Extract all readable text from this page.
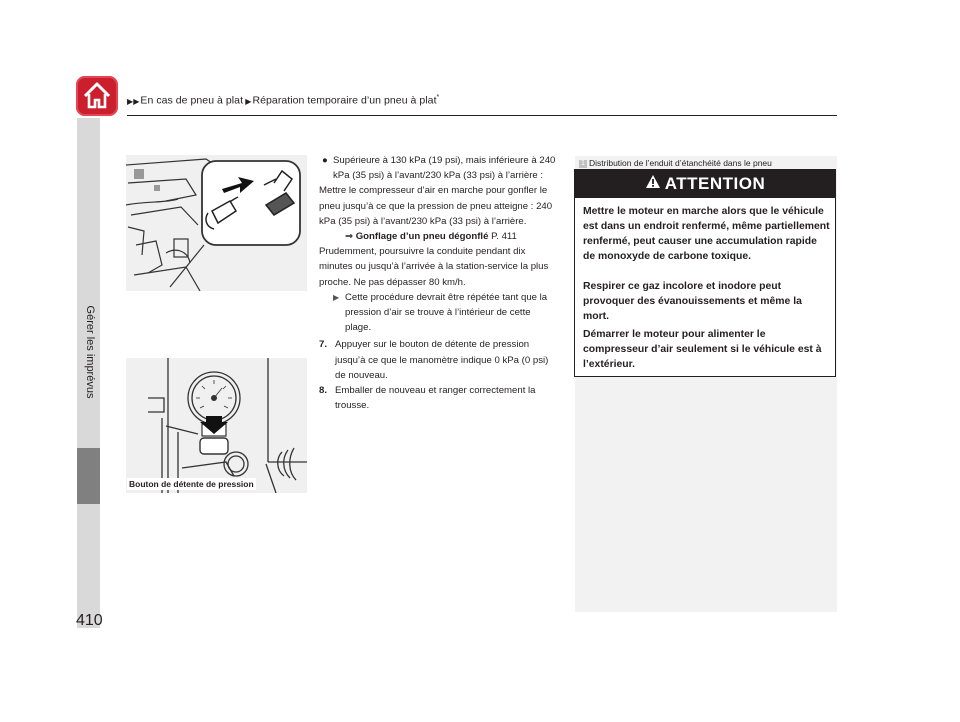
▶▶En cas de pneu à plat ▶Réparation temporaire d’un pneu à plat*
Gérer les imprévus
410
Bouton de détente de pression

● Supérieure à 130 kPa (19 psi), mais inférieure à 240 kPa (35 psi) à l’avant/230 kPa (33 psi) à l’arrière :

Mettre le compresseur d’air en marche pour gonfler le pneu jusqu’à ce que la pression de pneu atteigne : 240 kPa (35 psi) à l’avant/230 kPa (33 psi) à l’arrière.

⇒ Gonflage d’un pneu dégonflé P. 411

Prudemment, poursuivre la conduite pendant dix minutes ou jusqu’à l’arrivée à la station-service la plus proche. Ne pas dépasser 80 km/h.

▶ Cette procédure devrait être répétée tant que la pression d’air se trouve à l’intérieur de cette plage.

7. Appuyer sur le bouton de détente de pression jusqu’à ce que le manomètre indique 0 kPa (0 psi) de nouveau.

8. Emballer de nouveau et ranger correctement la trousse.

1 Distribution de l’enduit d’étanchéité dans le pneu
ATTENTION
Mettre le moteur en marche alors que le véhicule est dans un endroit renfermé, même partiellement renfermé, peut causer une accumulation rapide de monoxyde de carbone toxique.
Respirer ce gaz incolore et inodore peut provoquer des évanouissements et même la mort.
Démarrer le moteur pour alimenter le compresseur d’air seulement si le véhicule est à l’extérieur.
